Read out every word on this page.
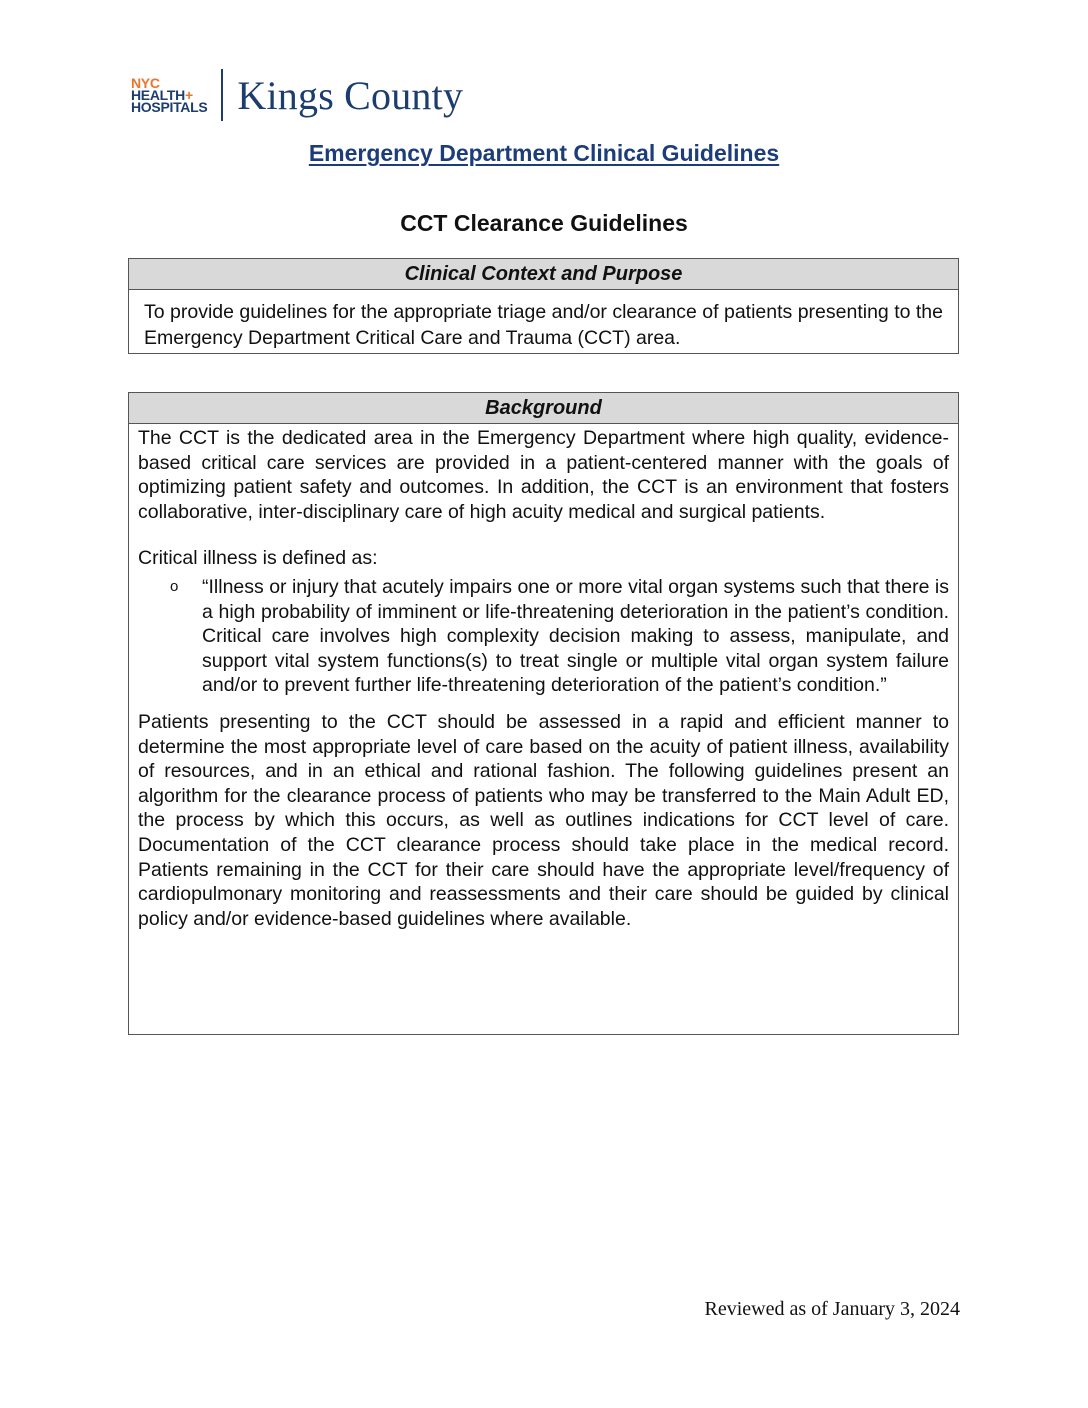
NYC
HEALTH+
HOSPITALS Kings County
Emergency Department Clinical Guidelines
CCT Clearance Guidelines
Clinical Context and Purpose
To provide guidelines for the appropriate triage and/or clearance of patients presenting to the Emergency Department Critical Care and Trauma (CCT) area.
Background

The CCT is the dedicated area in the Emergency Department where high quality, evidence-based critical care services are provided in a patient-centered manner with the goals of optimizing patient safety and outcomes. In addition, the CCT is an environment that fosters collaborative, inter-disciplinary care of high acuity medical and surgical patients.

Critical illness is defined as:

o	“Illness or injury that acutely impairs one or more vital organ systems such that there is a high probability of imminent or life-threatening deterioration in the patient’s condition. Critical care involves high complexity decision making to assess, manipulate, and support vital system functions(s) to treat single or multiple vital organ system failure and/or to prevent further life-threatening deterioration of the patient’s condition.”

Patients presenting to the CCT should be assessed in a rapid and efficient manner to determine the most appropriate level of care based on the acuity of patient illness, availability of resources, and in an ethical and rational fashion. The following guidelines present an algorithm for the clearance process of patients who may be transferred to the Main Adult ED, the process by which this occurs, as well as outlines indications for CCT level of care. Documentation of the CCT clearance process should take place in the medical record. Patients remaining in the CCT for their care should have the appropriate level/frequency of cardiopulmonary monitoring and reassessments and their care should be guided by clinical policy and/or evidence-based guidelines where available.

Reviewed as of January 3, 2024
